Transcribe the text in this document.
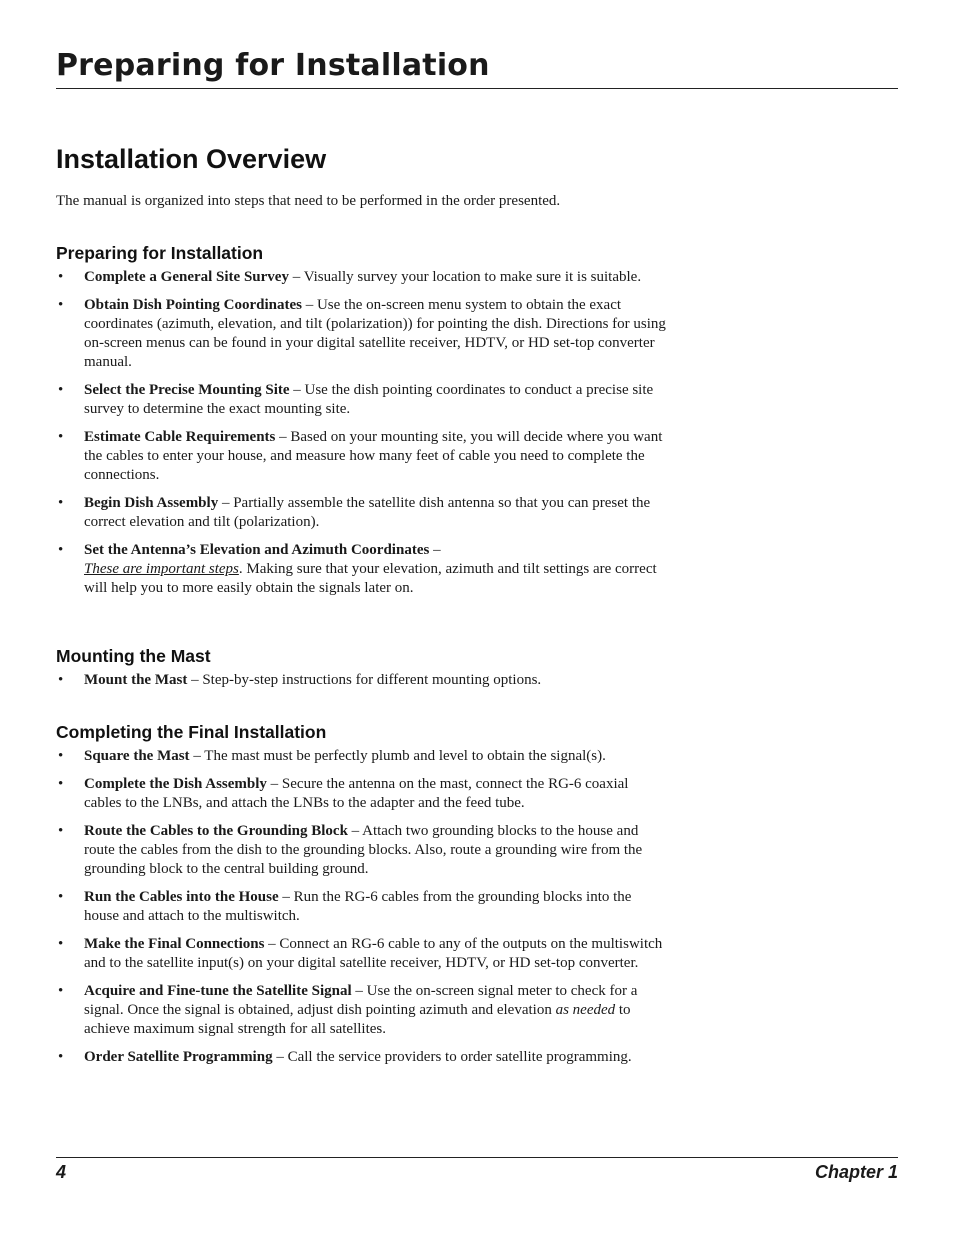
Preparing for Installation
Installation Overview
The manual is organized into steps that need to be performed in the order presented.
Preparing for Installation
• Complete a General Site Survey – Visually survey your location to make sure it is suitable.
• Obtain Dish Pointing Coordinates – Use the on-screen menu system to obtain the exact coordinates (azimuth, elevation, and tilt (polarization)) for pointing the dish. Directions for using on-screen menus can be found in your digital satellite receiver, HDTV, or HD set-top converter manual.
• Select the Precise Mounting Site – Use the dish pointing coordinates to conduct a precise site survey to determine the exact mounting site.
• Estimate Cable Requirements – Based on your mounting site, you will decide where you want the cables to enter your house, and measure how many feet of cable you need to complete the connections.
• Begin Dish Assembly – Partially assemble the satellite dish antenna so that you can preset the correct elevation and tilt (polarization).
• Set the Antenna’s Elevation and Azimuth Coordinates –
These are important steps. Making sure that your elevation, azimuth and tilt settings are correct will help you to more easily obtain the signals later on.
Mounting the Mast
• Mount the Mast – Step-by-step instructions for different mounting options.
Completing the Final Installation
• Square the Mast – The mast must be perfectly plumb and level to obtain the signal(s).
• Complete the Dish Assembly – Secure the antenna on the mast, connect the RG-6 coaxial cables to the LNBs, and attach the LNBs to the adapter and the feed tube.
• Route the Cables to the Grounding Block – Attach two grounding blocks to the house and route the cables from the dish to the grounding blocks. Also, route a grounding wire from the grounding block to the central building ground.
• Run the Cables into the House – Run the RG-6 cables from the grounding blocks into the house and attach to the multiswitch.
• Make the Final Connections – Connect an RG-6 cable to any of the outputs on the multiswitch and to the satellite input(s) on your digital satellite receiver, HDTV, or HD set-top converter.
• Acquire and Fine-tune the Satellite Signal – Use the on-screen signal meter to check for a signal. Once the signal is obtained, adjust dish pointing azimuth and elevation as needed to achieve maximum signal strength for all satellites.
• Order Satellite Programming – Call the service providers to order satellite programming.
4	Chapter 1
